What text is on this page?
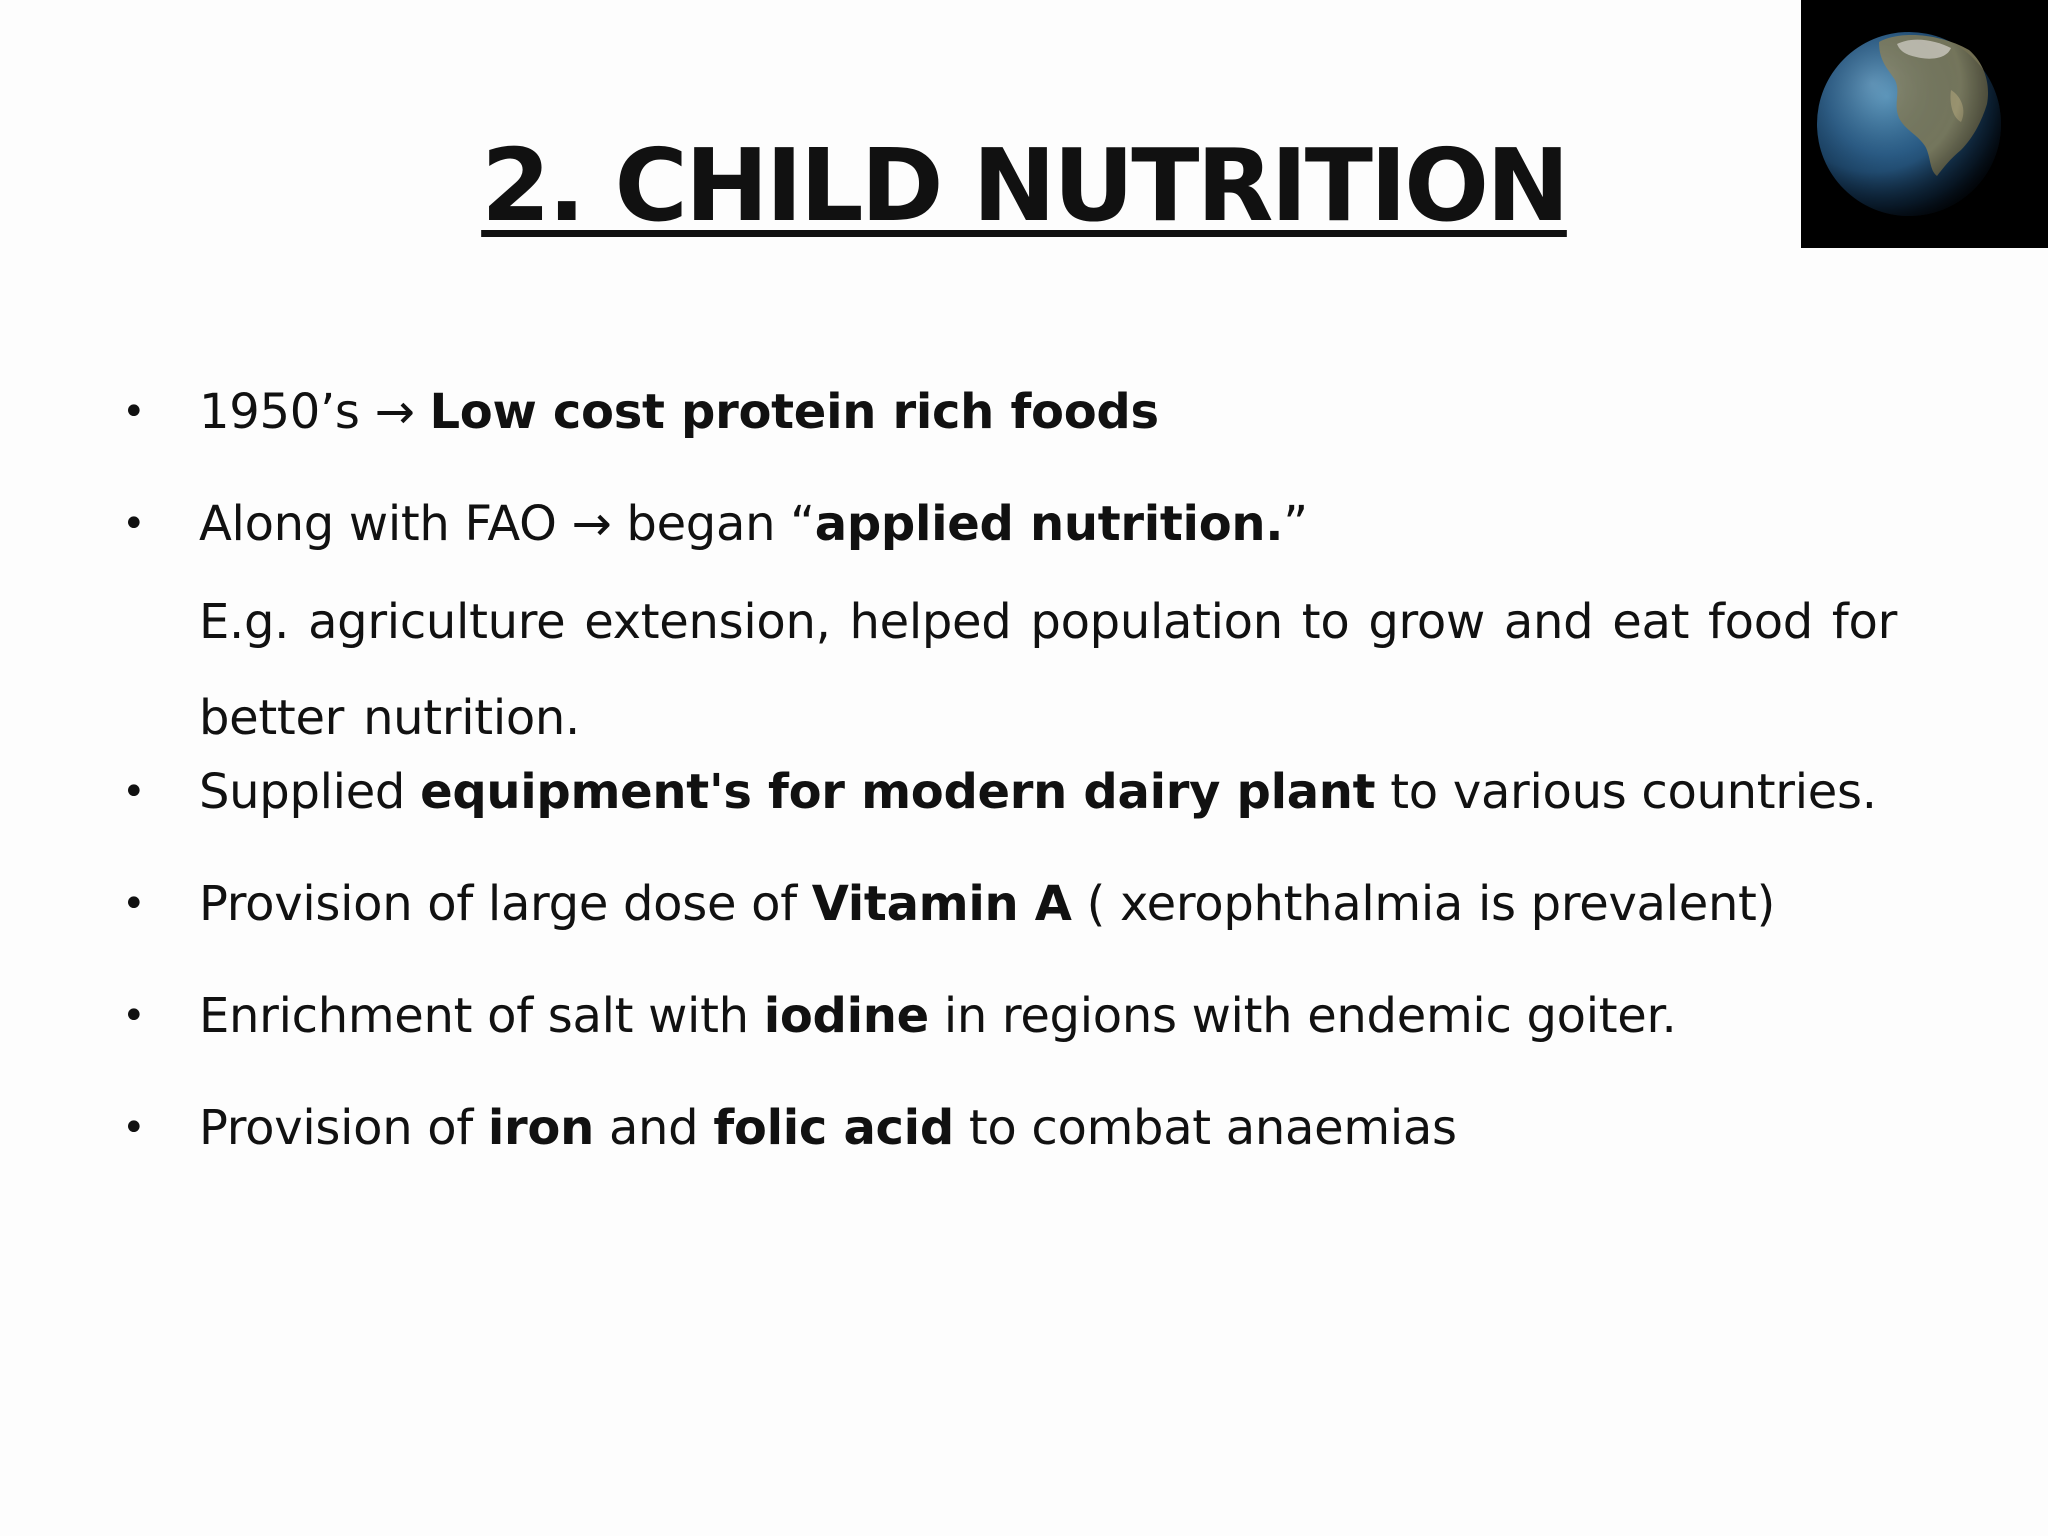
2. CHILD NUTRITION
• 1950’s → Low cost protein rich foods
• Along with FAO → began “applied nutrition.”
E.g. agriculture extension, helped population to grow and eat food for better nutrition.
• Supplied equipment's for modern dairy plant to various countries.
• Provision of large dose of Vitamin A ( xerophthalmia is prevalent)
• Enrichment of salt with iodine in regions with endemic goiter.
• Provision of iron and folic acid to combat anaemias
